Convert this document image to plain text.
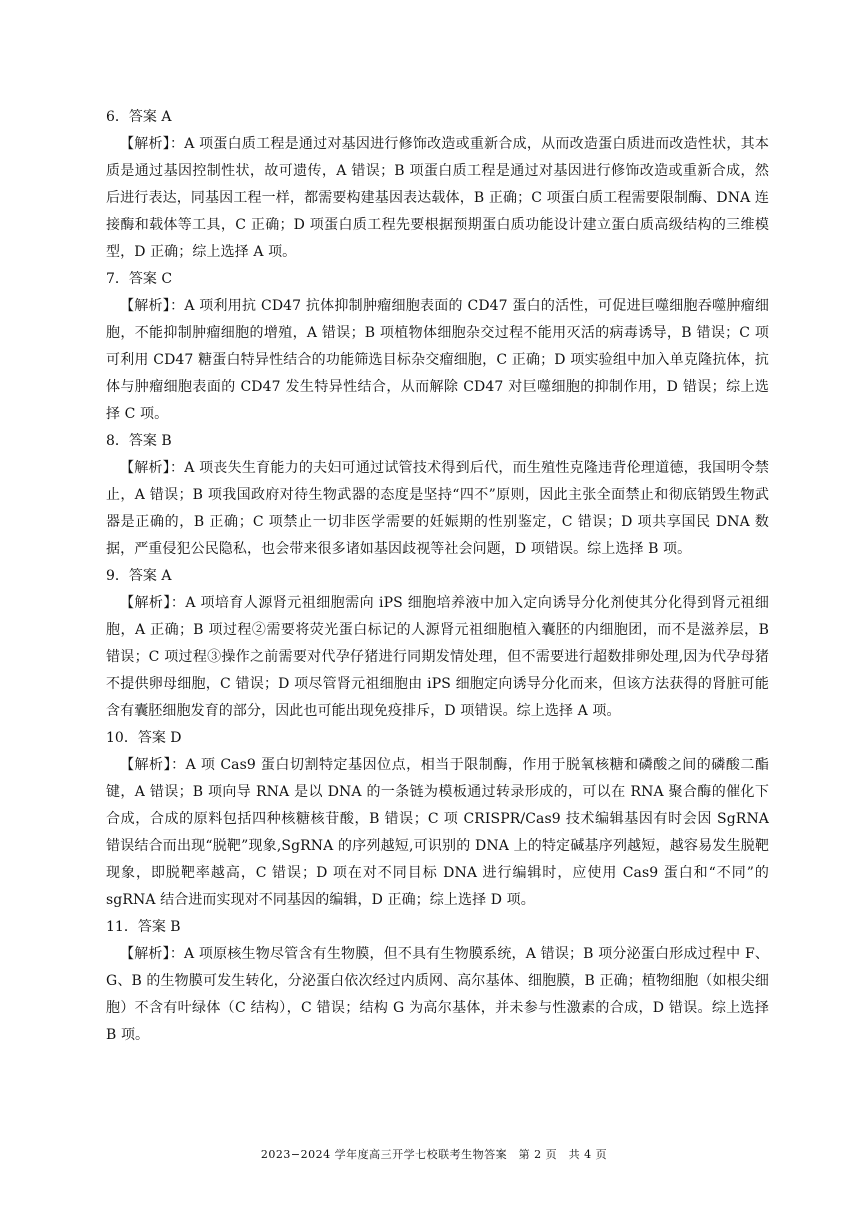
6．答案 A

【解析】：A 项蛋白质工程是通过对基因进行修饰改造或重新合成，从而改造蛋白质进而改造性状，其本质是通过基因控制性状，故可遗传，A 错误；B 项蛋白质工程是通过对基因进行修饰改造或重新合成，然后进行表达，同基因工程一样，都需要构建基因表达载体，B 正确；C 项蛋白质工程需要限制酶、DNA 连接酶和载体等工具，C 正确；D 项蛋白质工程先要根据预期蛋白质功能设计建立蛋白质高级结构的三维模型，D 正确；综上选择 A 项。

7．答案 C

【解析】：A 项利用抗 CD47 抗体抑制肿瘤细胞表面的 CD47 蛋白的活性，可促进巨噬细胞吞噬肿瘤细胞，不能抑制肿瘤细胞的增殖，A 错误；B 项植物体细胞杂交过程不能用灭活的病毒诱导，B 错误；C 项可利用 CD47 糖蛋白特异性结合的功能筛选目标杂交瘤细胞，C 正确；D 项实验组中加入单克隆抗体，抗体与肿瘤细胞表面的 CD47 发生特异性结合，从而解除 CD47 对巨噬细胞的抑制作用，D 错误；综上选择 C 项。

8．答案 B

【解析】：A 项丧失生育能力的夫妇可通过试管技术得到后代，而生殖性克隆违背伦理道德，我国明令禁止，A 错误；B 项我国政府对待生物武器的态度是坚持“四不”原则，因此主张全面禁止和彻底销毁生物武器是正确的，B 正确；C 项禁止一切非医学需要的妊娠期的性别鉴定，C 错误；D 项共享国民 DNA 数据，严重侵犯公民隐私，也会带来很多诸如基因歧视等社会问题，D 项错误。综上选择 B 项。

9．答案 A

【解析】：A 项培育人源肾元祖细胞需向 iPS 细胞培养液中加入定向诱导分化剂使其分化得到肾元祖细胞，A 正确；B 项过程②需要将荧光蛋白标记的人源肾元祖细胞植入囊胚的内细胞团，而不是滋养层，B 错误；C 项过程③操作之前需要对代孕仔猪进行同期发情处理，但不需要进行超数排卵处理,因为代孕母猪不提供卵母细胞，C 错误；D 项尽管肾元祖细胞由 iPS 细胞定向诱导分化而来，但该方法获得的肾脏可能含有囊胚细胞发育的部分，因此也可能出现免疫排斥，D 项错误。综上选择 A 项。

10．答案 D

【解析】：A 项 Cas9 蛋白切割特定基因位点，相当于限制酶，作用于脱氧核糖和磷酸之间的磷酸二酯键，A 错误；B 项向导 RNA 是以 DNA 的一条链为模板通过转录形成的，可以在 RNA 聚合酶的催化下合成，合成的原料包括四种核糖核苷酸，B 错误；C 项 CRISPR/Cas9 技术编辑基因有时会因 SgRNA 错误结合而出现“脱靶”现象,SgRNA 的序列越短,可识别的 DNA 上的特定碱基序列越短，越容易发生脱靶现象，即脱靶率越高，C 错误；D 项在对不同目标 DNA 进行编辑时，应使用 Cas9 蛋白和“不同”的 sgRNA 结合进而实现对不同基因的编辑，D 正确；综上选择 D 项。

11．答案 B

【解析】：A 项原核生物尽管含有生物膜，但不具有生物膜系统，A 错误；B 项分泌蛋白形成过程中 F、G、B 的生物膜可发生转化，分泌蛋白依次经过内质网、高尔基体、细胞膜，B 正确；植物细胞（如根尖细胞）不含有叶绿体（C 结构），C 错误；结构 G 为高尔基体，并未参与性激素的合成，D 错误。综上选择 B 项。

2023−2024 学年度高三开学七校联考生物答案　第 2 页　共 4 页
